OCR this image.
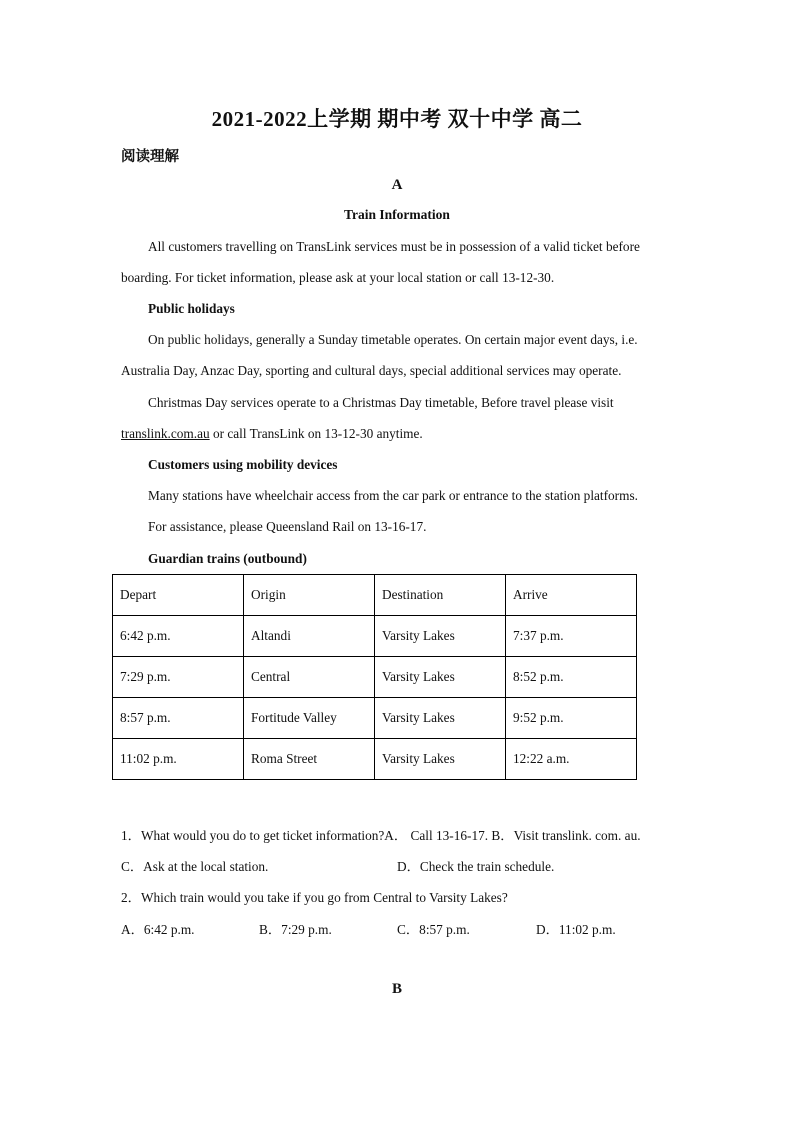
2021-2022上学期 期中考 双十中学 高二
阅读理解
A
Train Information
All customers travelling on TransLink services must be in possession of a valid ticket before
boarding. For ticket information, please ask at your local station or call 13-12-30.
Public holidays
On public holidays, generally a Sunday timetable operates. On certain major event days, i.e.
Australia Day, Anzac Day, sporting and cultural days, special additional services may operate.
Christmas Day services operate to a Christmas Day timetable, Before travel please visit
translink.com.au or call TransLink on 13-12-30 anytime.
Customers using mobility devices
Many stations have wheelchair access from the car park or entrance to the station platforms.
For assistance, please Queensland Rail on 13-16-17.
Guardian trains (outbound)
Depart	Origin	Destination	Arrive
6:42 p.m.	Altandi	Varsity Lakes	7:37 p.m.
7:29 p.m.	Central	Varsity Lakes	8:52 p.m.
8:57 p.m.	Fortitude Valley	Varsity Lakes	9:52 p.m.
11:02 p.m.	Roma Street	Varsity Lakes	12:22 a.m.
1．What would you do to get ticket information?A． Call 13-16-17. B．Visit translink. com. au.
C．Ask at the local station.	D．Check the train schedule.
2．Which train would you take if you go from Central to Varsity Lakes?
A．6:42 p.m.	B．7:29 p.m.	C．8:57 p.m.	D．11:02 p.m.
B
